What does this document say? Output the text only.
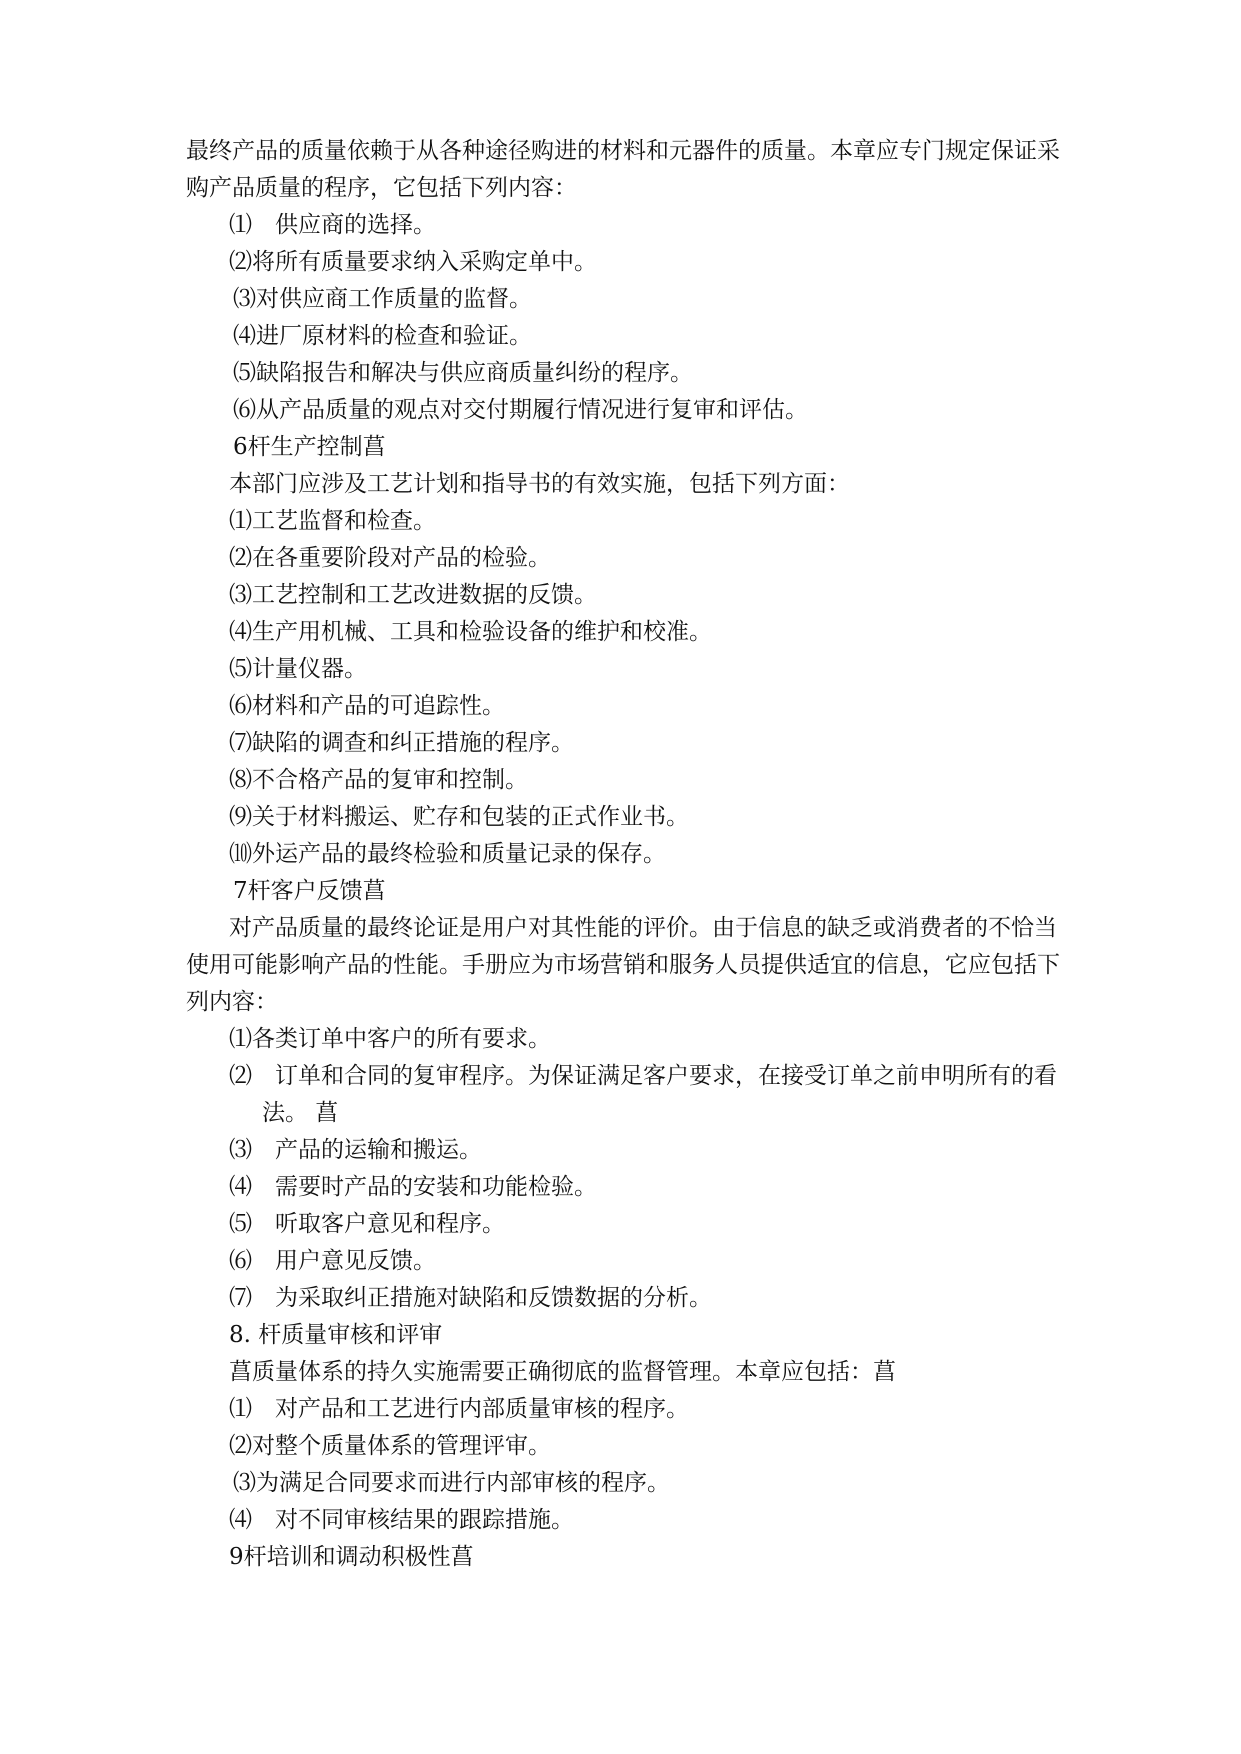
最终产品的质量依赖于从各种途径购进的材料和元器件的质量。本章应专门规定保证采
购产品质量的程序，它包括下列内容：
⑴　供应商的选择。
⑵将所有质量要求纳入采购定单中。
⑶对供应商工作质量的监督。
⑷进厂原材料的检查和验证。
⑸缺陷报告和解决与供应商质量纠纷的程序。
⑹从产品质量的观点对交付期履行情况进行复审和评估。
6杆生产控制菖
本部门应涉及工艺计划和指导书的有效实施，包括下列方面：
⑴工艺监督和检查。
⑵在各重要阶段对产品的检验。
⑶工艺控制和工艺改进数据的反馈。
⑷生产用机械、工具和检验设备的维护和校准。
⑸计量仪器。
⑹材料和产品的可追踪性。
⑺缺陷的调查和纠正措施的程序。
⑻不合格产品的复审和控制。
⑼关于材料搬运、贮存和包装的正式作业书。
⑽外运产品的最终检验和质量记录的保存。
7杆客户反馈菖
对产品质量的最终论证是用户对其性能的评价。由于信息的缺乏或消费者的不恰当
使用可能影响产品的性能。手册应为市场营销和服务人员提供适宜的信息，它应包括下
列内容：
⑴各类订单中客户的所有要求。
⑵　订单和合同的复审程序。为保证满足客户要求，在接受订单之前申明所有的看
法。 菖
⑶　产品的运输和搬运。
⑷　需要时产品的安装和功能检验。
⑸　听取客户意见和程序。
⑹　用户意见反馈。
⑺　为采取纠正措施对缺陷和反馈数据的分析。
8. 杆质量审核和评审
菖质量体系的持久实施需要正确彻底的监督管理。本章应包括：菖
⑴　对产品和工艺进行内部质量审核的程序。
⑵对整个质量体系的管理评审。
⑶为满足合同要求而进行内部审核的程序。
⑷　对不同审核结果的跟踪措施。
9杆培训和调动积极性菖
